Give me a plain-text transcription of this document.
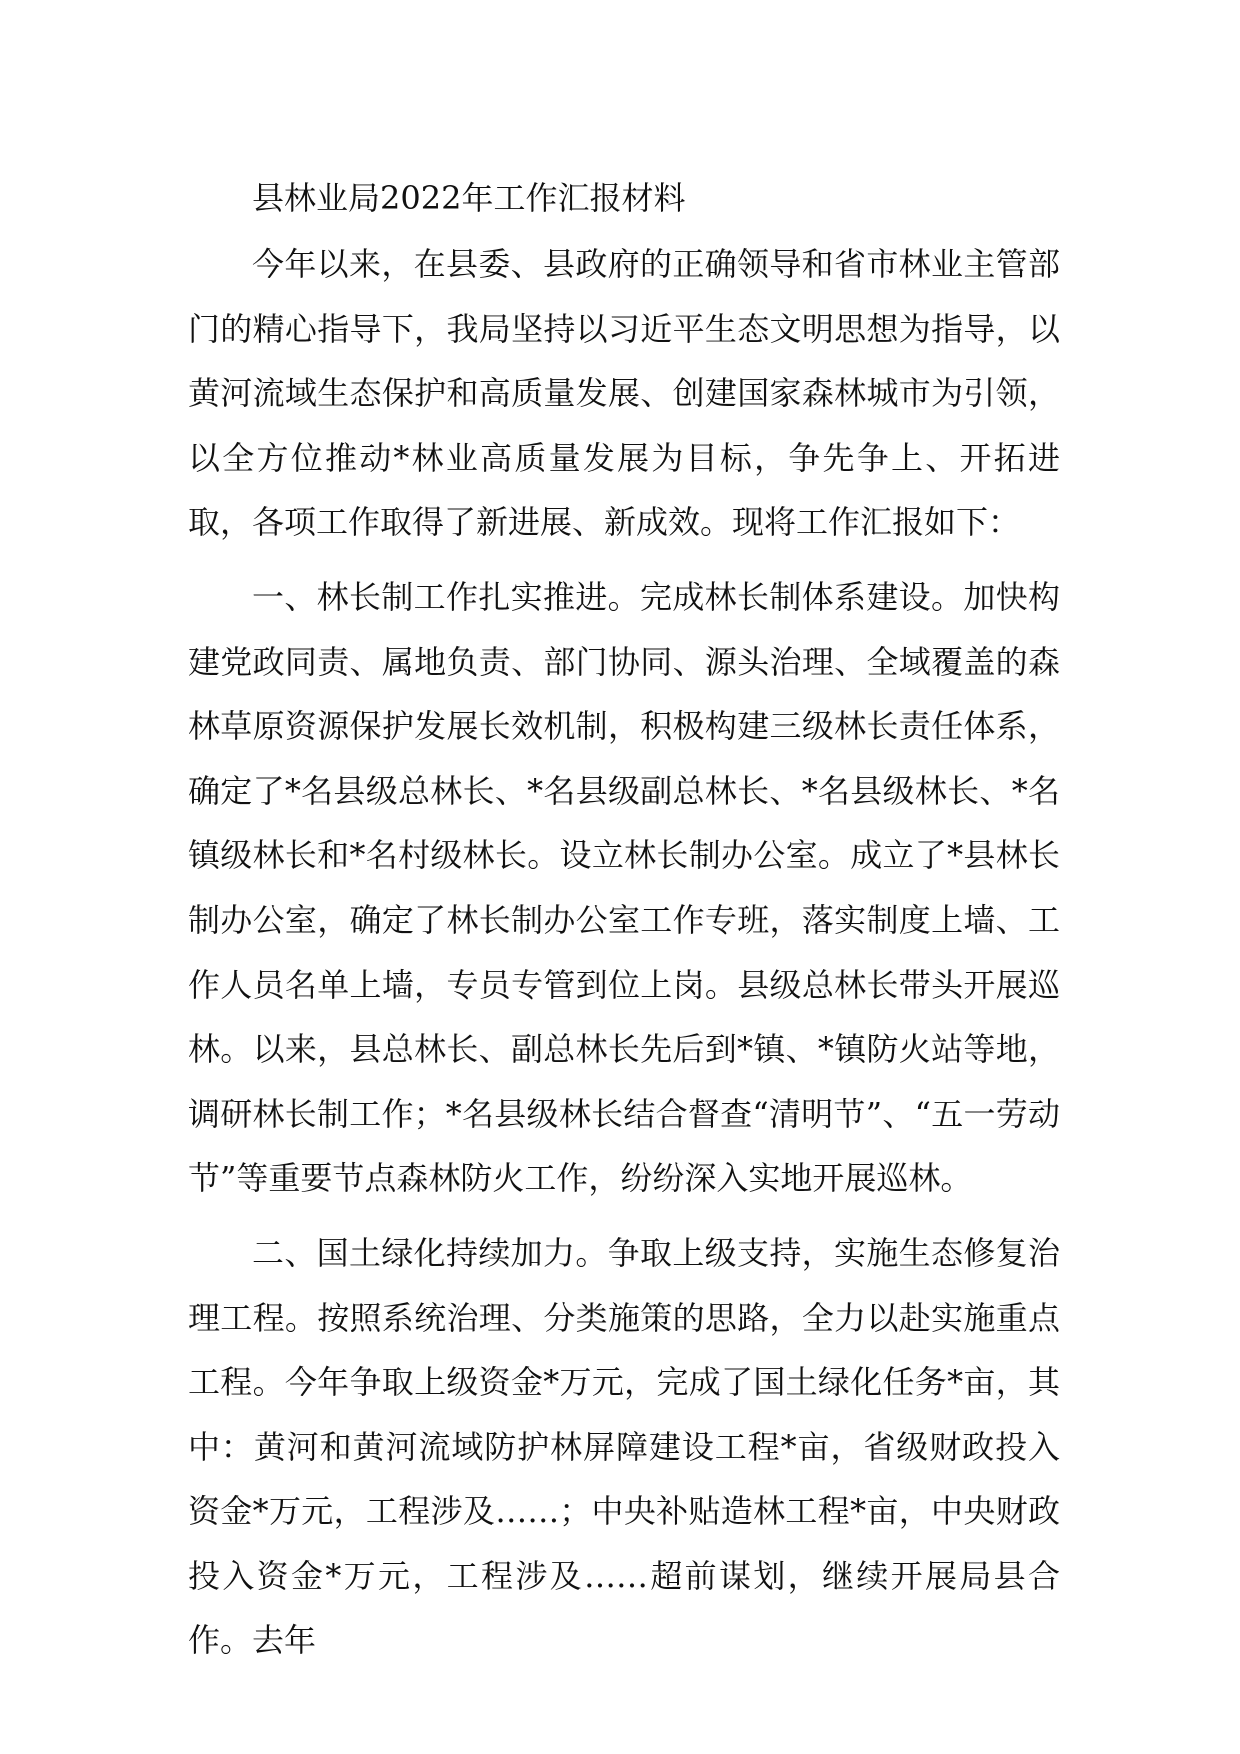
县林业局2022年工作汇报材料

今年以来，在县委、县政府的正确领导和省市林业主管部门的精心指导下，我局坚持以习近平生态文明思想为指导，以黄河流域生态保护和高质量发展、创建国家森林城市为引领，以全方位推动*林业高质量发展为目标，争先争上、开拓进取，各项工作取得了新进展、新成效。现将工作汇报如下：

一、林长制工作扎实推进。完成林长制体系建设。加快构建党政同责、属地负责、部门协同、源头治理、全域覆盖的森林草原资源保护发展长效机制，积极构建三级林长责任体系，确定了*名县级总林长、*名县级副总林长、*名县级林长、*名镇级林长和*名村级林长。设立林长制办公室。成立了*县林长制办公室，确定了林长制办公室工作专班，落实制度上墙、工作人员名单上墙，专员专管到位上岗。县级总林长带头开展巡林。以来，县总林长、副总林长先后到*镇、*镇防火站等地，调研林长制工作；*名县级林长结合督查“清明节”、“五一劳动节”等重要节点森林防火工作，纷纷深入实地开展巡林。

二、国土绿化持续加力。争取上级支持，实施生态修复治理工程。按照系统治理、分类施策的思路，全力以赴实施重点工程。今年争取上级资金*万元，完成了国土绿化任务*亩，其中：黄河和黄河流域防护林屏障建设工程*亩，省级财政投入资金*万元，工程涉及……；中央补贴造林工程*亩，中央财政投入资金*万元，工程涉及……超前谋划，继续开展局县合作。去年
